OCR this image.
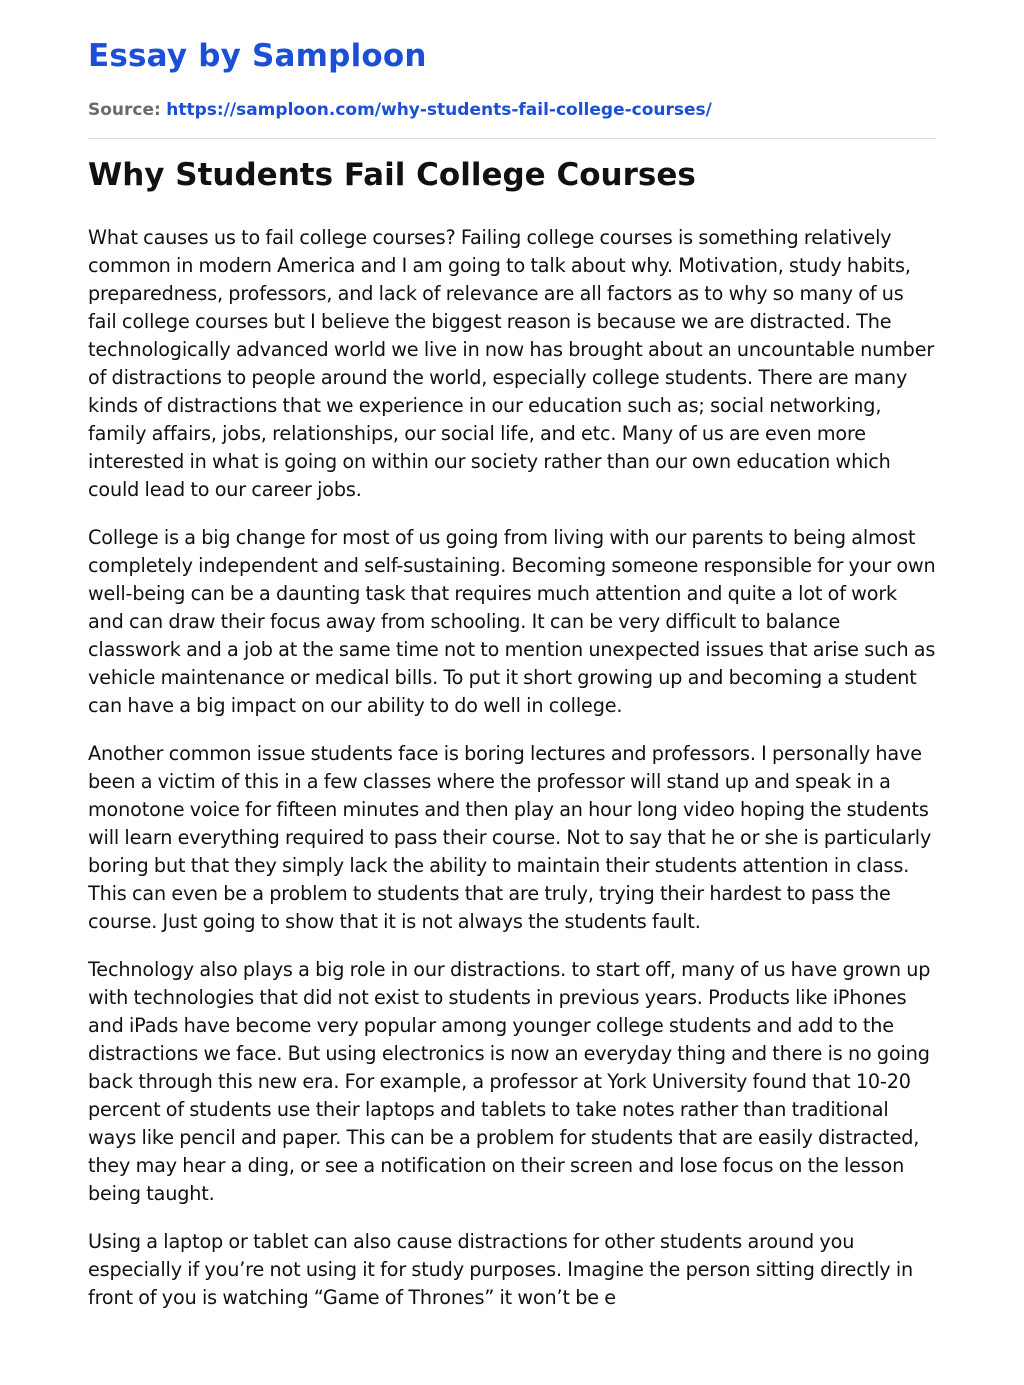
Essay by Samploon
Source: https://samploon.com/why-students-fail-college-courses/
Why Students Fail College Courses

What causes us to fail college courses? Failing college courses is something relatively common in modern America and I am going to talk about why. Motivation, study habits, preparedness, professors, and lack of relevance are all factors as to why so many of us fail college courses but I believe the biggest reason is because we are distracted. The technologically advanced world we live in now has brought about an uncountable number of distractions to people around the world, especially college students. There are many kinds of distractions that we experience in our education such as; social networking, family affairs, jobs, relationships, our social life, and etc. Many of us are even more interested in what is going on within our society rather than our own education which could lead to our career jobs.

College is a big change for most of us going from living with our parents to being almost completely independent and self-sustaining. Becoming someone responsible for your own well-being can be a daunting task that requires much attention and quite a lot of work and can draw their focus away from schooling. It can be very difficult to balance classwork and a job at the same time not to mention unexpected issues that arise such as vehicle maintenance or medical bills. To put it short growing up and becoming a student can have a big impact on our ability to do well in college.

Another common issue students face is boring lectures and professors. I personally have been a victim of this in a few classes where the professor will stand up and speak in a monotone voice for fifteen minutes and then play an hour long video hoping the students will learn everything required to pass their course. Not to say that he or she is particularly boring but that they simply lack the ability to maintain their students attention in class. This can even be a problem to students that are truly, trying their hardest to pass the course. Just going to show that it is not always the students fault.

Technology also plays a big role in our distractions. to start off, many of us have grown up with technologies that did not exist to students in previous years. Products like iPhones and iPads have become very popular among younger college students and add to the distractions we face. But using electronics is now an everyday thing and there is no going back through this new era. For example, a professor at York University found that 10-20 percent of students use their laptops and tablets to take notes rather than traditional ways like pencil and paper. This can be a problem for students that are easily distracted, they may hear a ding, or see a notification on their screen and lose focus on the lesson being taught.

Using a laptop or tablet can also cause distractions for other students around you especially if you’re not using it for study purposes. Imagine the person sitting directly in front of you is watching “Game of Thrones” it won’t be e
